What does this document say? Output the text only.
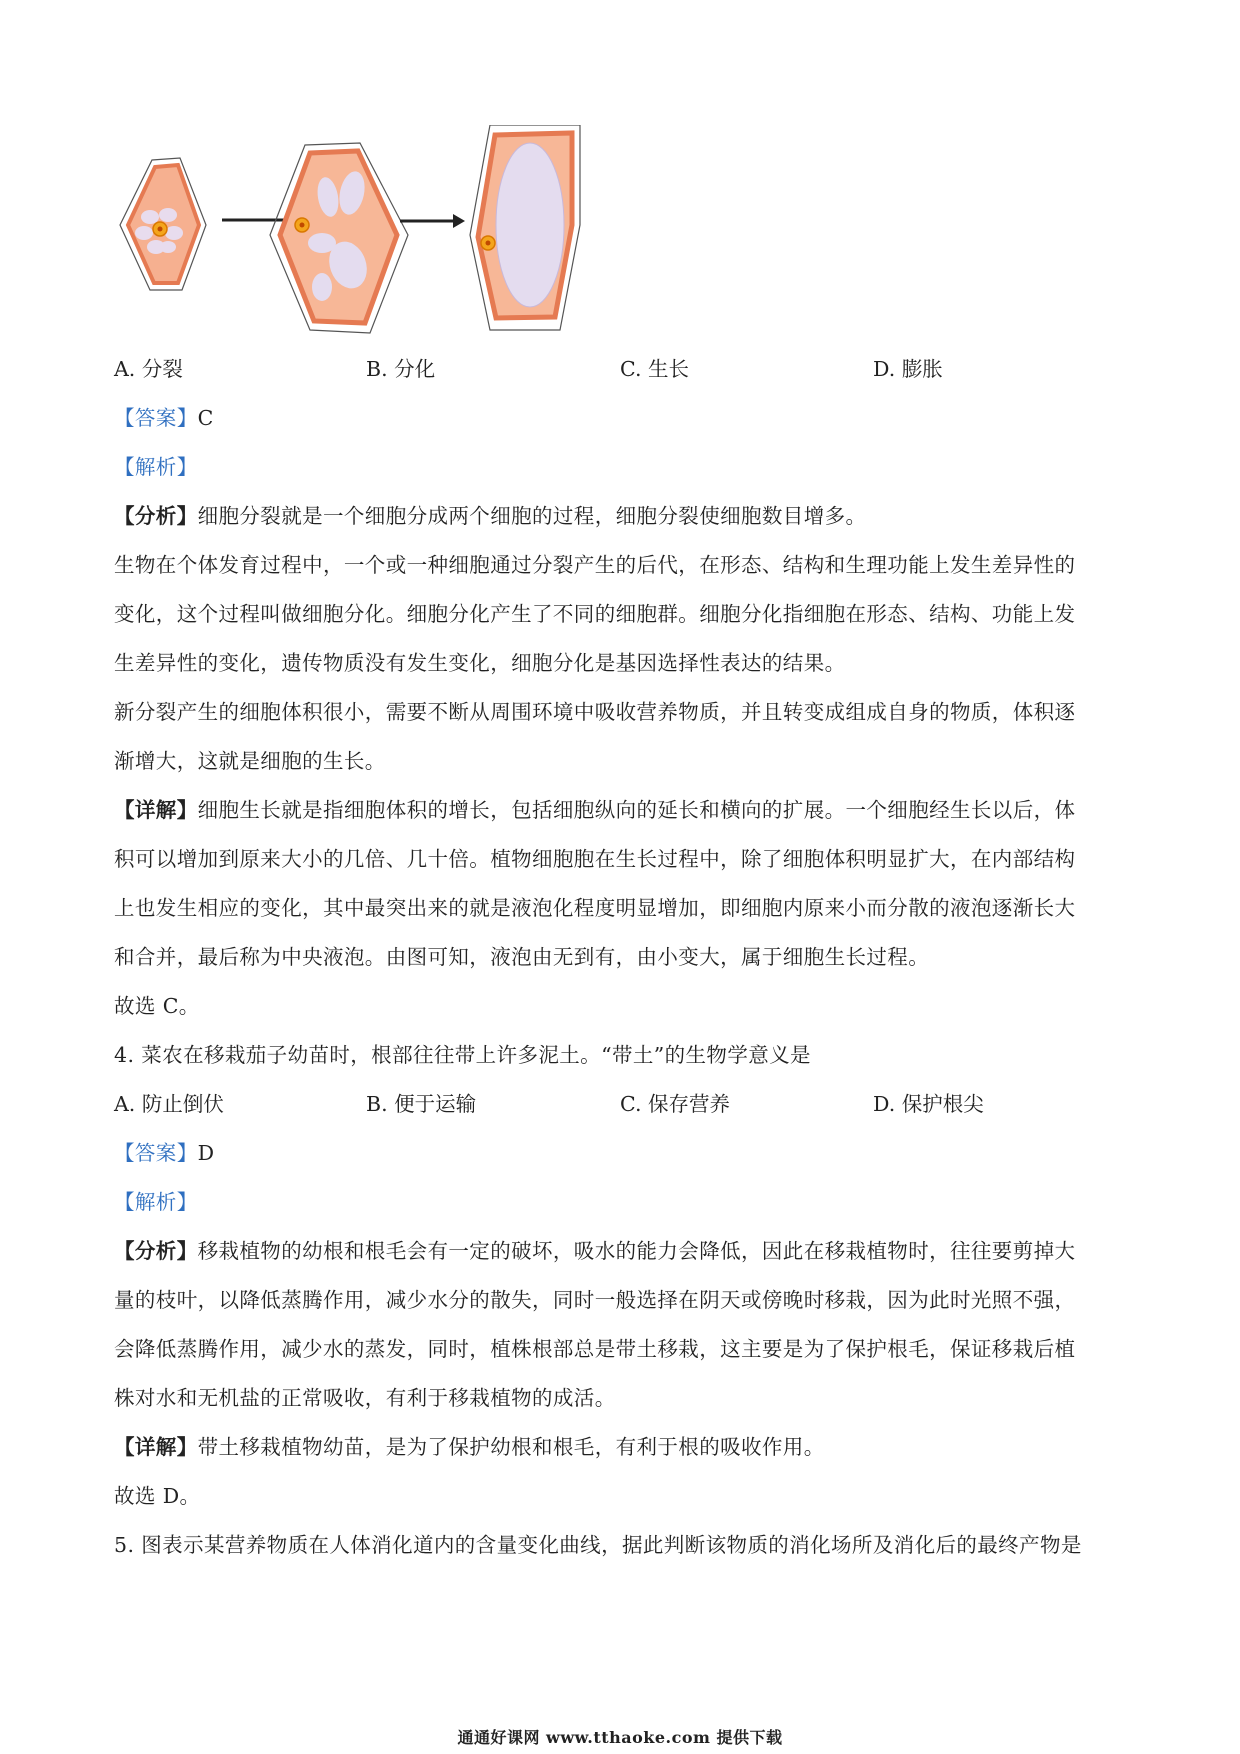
A. 分裂	B. 分化	C. 生长	D. 膨胀
【答案】C
【解析】
【分析】细胞分裂就是一个细胞分成两个细胞的过程，细胞分裂使细胞数目增多。
生物在个体发育过程中，一个或一种细胞通过分裂产生的后代，在形态、结构和生理功能上发生差异性的
变化，这个过程叫做细胞分化。细胞分化产生了不同的细胞群。细胞分化指细胞在形态、结构、功能上发
生差异性的变化，遗传物质没有发生变化，细胞分化是基因选择性表达的结果。
新分裂产生的细胞体积很小，需要不断从周围环境中吸收营养物质，并且转变成组成自身的物质，体积逐
渐增大，这就是细胞的生长。
【详解】细胞生长就是指细胞体积的增长，包括细胞纵向的延长和横向的扩展。一个细胞经生长以后，体
积可以增加到原来大小的几倍、几十倍。植物细胞胞在生长过程中，除了细胞体积明显扩大，在内部结构
上也发生相应的变化，其中最突出来的就是液泡化程度明显增加，即细胞内原来小而分散的液泡逐渐长大
和合并，最后称为中央液泡。由图可知，液泡由无到有，由小变大，属于细胞生长过程。
故选 C。
4. 菜农在移栽茄子幼苗时，根部往往带上许多泥土。“带土”的生物学意义是
A. 防止倒伏	B. 便于运输	C. 保存营养	D. 保护根尖
【答案】D
【解析】
【分析】移栽植物的幼根和根毛会有一定的破坏，吸水的能力会降低，因此在移栽植物时，往往要剪掉大
量的枝叶，以降低蒸腾作用，减少水分的散失，同时一般选择在阴天或傍晚时移栽，因为此时光照不强，
会降低蒸腾作用，减少水的蒸发，同时，植株根部总是带土移栽，这主要是为了保护根毛，保证移栽后植
株对水和无机盐的正常吸收，有利于移栽植物的成活。
【详解】带土移栽植物幼苗，是为了保护幼根和根毛，有利于根的吸收作用。
故选 D。
5. 图表示某营养物质在人体消化道内的含量变化曲线，据此判断该物质的消化场所及消化后的最终产物是
通通好课网 www.tthaoke.com 提供下载
